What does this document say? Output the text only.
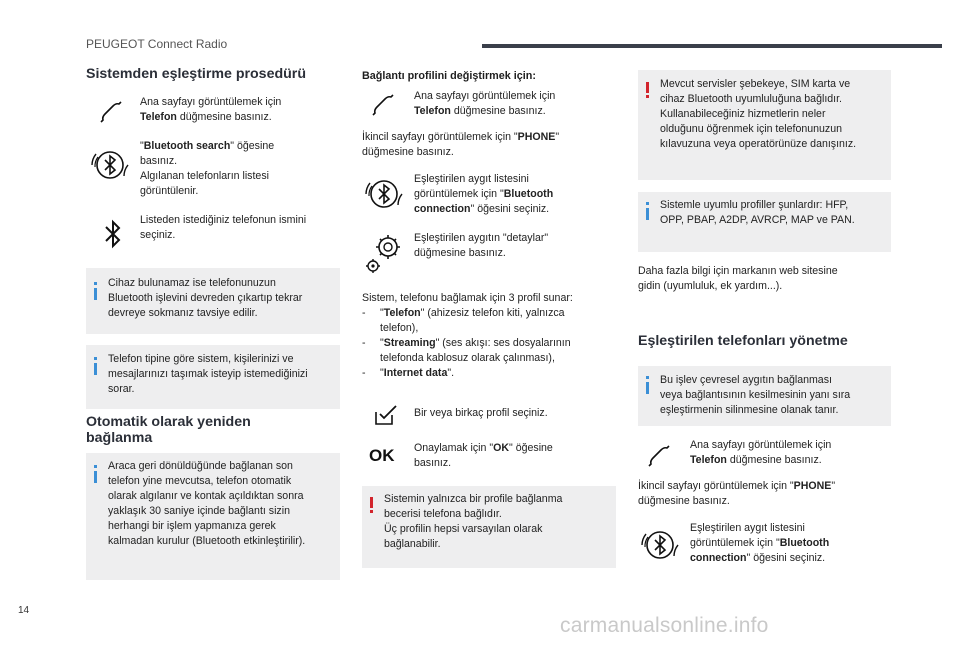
PEUGEOT Connect Radio
14
carmanualsonline.info
Sistemden eşleştirme prosedürü
Ana sayfayı görüntülemek için
Telefon düğmesine basınız.
"Bluetooth search" öğesine
basınız.
Algılanan telefonların listesi
görüntülenir.
Listeden istediğiniz telefonun ismini
seçiniz.
Cihaz bulunamaz ise telefonunuzun
Bluetooth işlevini devreden çıkartıp tekrar
devreye sokmanız tavsiye edilir.
Telefon tipine göre sistem, kişilerinizi ve
mesajlarınızı taşımak isteyip istemediğinizi
sorar.
Otomatik olarak yeniden
bağlanma
Araca geri dönüldüğünde bağlanan son
telefon yine mevcutsa, telefon otomatik
olarak algılanır ve kontak açıldıktan sonra
yaklaşık 30 saniye içinde bağlantı sizin
herhangi bir işlem yapmanıza gerek
kalmadan kurulur (Bluetooth etkinleştirilir).
Bağlantı profilini değiştirmek için:
Ana sayfayı görüntülemek için
Telefon düğmesine basınız.
İkincil sayfayı görüntülemek için "PHONE"
düğmesine basınız.
Eşleştirilen aygıt listesini
görüntülemek için "Bluetooth
connection" öğesini seçiniz.
Eşleştirilen aygıtın "detaylar"
düğmesine basınız.
Sistem, telefonu bağlamak için 3 profil sunar:
- "Telefon" (ahizesiz telefon kiti, yalnızca
telefon),
- "Streaming" (ses akışı: ses dosyalarının
telefonda kablosuz olarak çalınması),
- "Internet data".
Bir veya birkaç profil seçiniz.
OK Onaylamak için "OK" öğesine
basınız.
Sistemin yalnızca bir profile bağlanma
becerisi telefona bağlıdır.
Üç profilin hepsi varsayılan olarak
bağlanabilir.
Mevcut servisler şebekeye, SIM karta ve
cihaz Bluetooth uyumluluğuna bağlıdır.
Kullanabileceğiniz hizmetlerin neler
olduğunu öğrenmek için telefonunuzun
kılavuzuna veya operatörünüze danışınız.
Sistemle uyumlu profiller şunlardır: HFP,
OPP, PBAP, A2DP, AVRCP, MAP ve PAN.
Daha fazla bilgi için markanın web sitesine
gidin (uyumluluk, ek yardım...).
Eşleştirilen telefonları yönetme
Bu işlev çevresel aygıtın bağlanması
veya bağlantısının kesilmesinin yanı sıra
eşleştirmenin silinmesine olanak tanır.
Ana sayfayı görüntülemek için
Telefon düğmesine basınız.
İkincil sayfayı görüntülemek için "PHONE"
düğmesine basınız.
Eşleştirilen aygıt listesini
görüntülemek için "Bluetooth
connection" öğesini seçiniz.
